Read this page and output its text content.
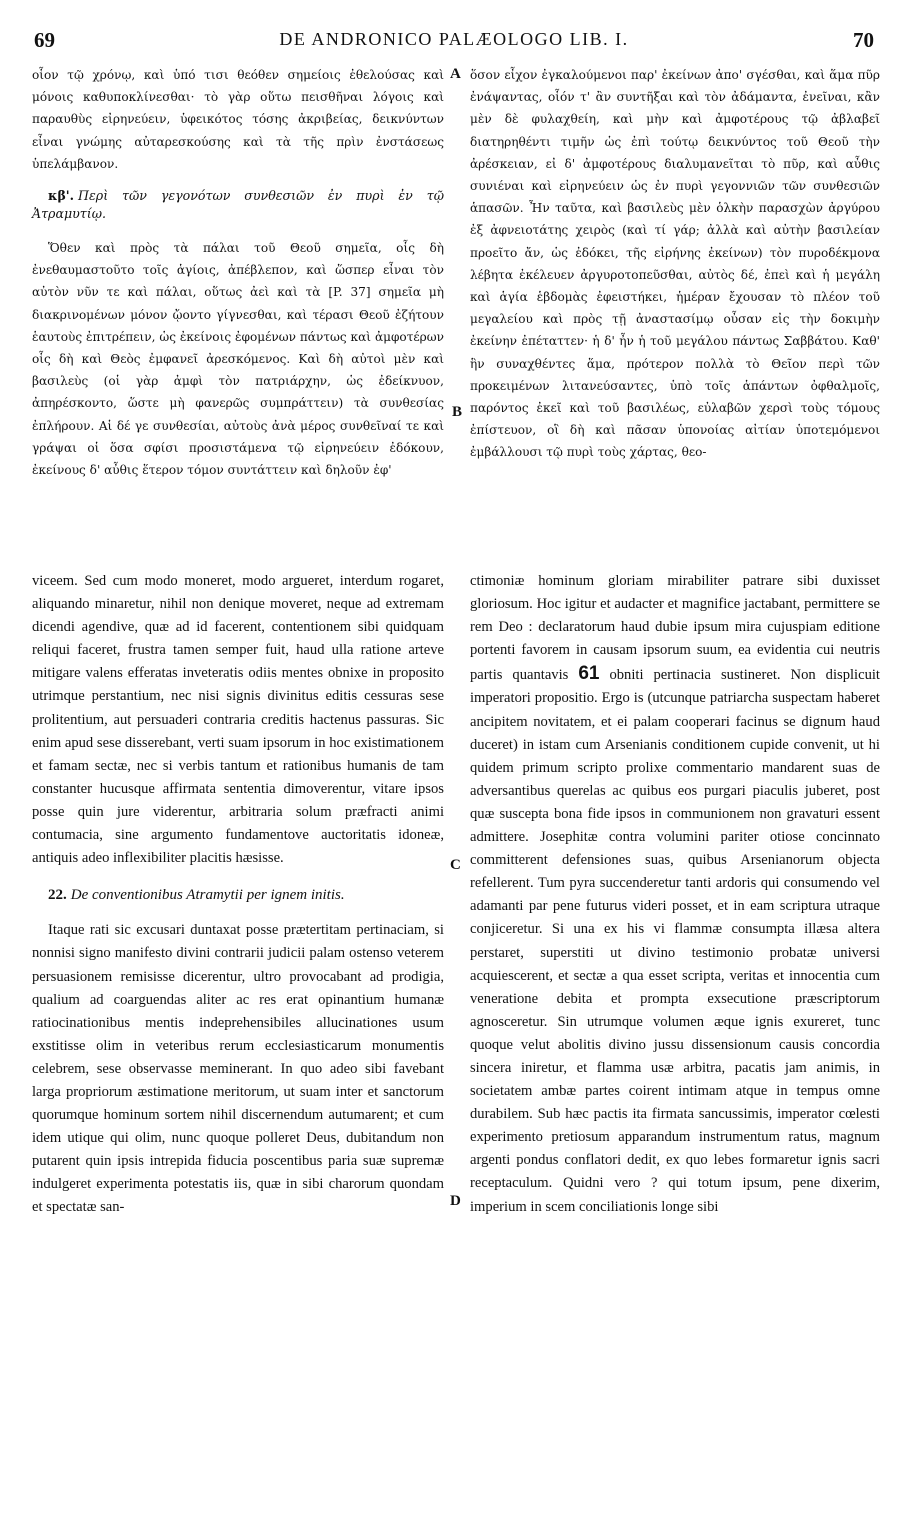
69	DE ANDRONICO PALÆOLOGO LIB. I.	70
A
B
C
D

οἷον τῷ χρόνῳ, καὶ ὑπό τισι θεόθεν σημείοις ἐθελούσας καὶ μόνοις καθυποκλίνεσθαι· τὸ γὰρ οὕτω πεισθῆναι λόγοις καὶ παραυθὺς εἰρηνεύειν, ὑφεικότος τόσης ἀκριβείας, δεικνύντων εἶναι γνώμης αὐταρεσκούσης καὶ τὰ τῆς πρὶν ἐνστάσεως ὑπελάμβανον.

κβ'. Περὶ τῶν γεγονότων συνθεσιῶν ἐν πυρὶ ἐν τῷ Ἀτραμυτίῳ.

Ὅθεν καὶ πρὸς τὰ πάλαι τοῦ Θεοῦ σημεῖα, οἷς δὴ ἐνεθαυμαστοῦτο τοῖς ἁγίοις, ἀπέβλεπον, καὶ ὥσπερ εἶναι τὸν αὐτὸν νῦν τε καὶ πάλαι, οὕτως ἀεὶ καὶ τὰ [P. 37] σημεῖα μὴ διακρινομένων μόνον ᾤοντο γίγνεσθαι, καὶ τέρασι Θεοῦ ἐζήτουν ἑαυτοὺς ἐπιτρέπειν, ὡς ἐκείνοις ἐφομένων πάντως καὶ ἀμφοτέρων οἷς δὴ καὶ Θεὸς ἐμφανεῖ ἀρεσκόμενος. Καὶ δὴ αὐτοὶ μὲν καὶ βασιλεὺς (οἱ γὰρ ἀμφὶ τὸν πατριάρχην, ὡς ἐδείκνυον, ἀπηρέσκοντο, ὥστε μὴ φανερῶς συμπράττειν) τὰ συνθεσίας ἐπλήρουν. Αἱ δέ γε συνθεσίαι, αὐτοὺς ἀνὰ μέρος συνθεῖναί τε καὶ γράψαι οἱ ὅσα σφίσι προσιστάμενα τῷ εἰρηνεύειν ἐδόκουν, ἐκείνους δ' αὖθις ἕτερον τόμον συντάττειν καὶ δηλοῦν ἐφ'

ὅσον εἶχον ἐγκαλούμενοι παρ' ἐκείνων ἀπο' σγέσθαι, καὶ ἅμα πῦρ ἐνάψαντας, οἷόν τ' ἂν συντῆξαι καὶ τὸν ἀδάμαντα, ἐνεῖναι, κἂν μὲν δὲ φυλαχθείη, καὶ μὴν καὶ ἀμφοτέρους τῷ ἀβλαβεῖ διατηρηθέντι τιμῆν ὡς ἐπὶ τούτῳ δεικνύντος τοῦ Θεοῦ τὴν ἀρέσκειαν, εἰ δ' ἀμφοτέρους διαλυμανεῖται τὸ πῦρ, καὶ αὖθις συνιέναι καὶ εἰρηνεύειν ὡς ἐν πυρὶ γεγοννιῶν τῶν συνθεσιῶν ἁπασῶν. Ἦν ταῦτα, καὶ βασιλεὺς μὲν ὁλκὴν παρασχὼν ἀργύρου ἐξ ἀφνειοτάτης χειρὸς (καὶ τί γάρ; ἀλλὰ καὶ αὐτὴν βασιλείαν προεῖτο ἄν, ὡς ἐδόκει, τῆς εἰρήνης ἐκείνων) τὸν πυροδέκμονα λέβητα ἐκέλευεν ἀργυροτοπεῦσθαι, αὐτὸς δέ, ἐπεὶ καὶ ἡ μεγάλη καὶ ἁγία ἑβδομὰς ἐφειστήκει, ἡμέραν ἔχουσαν τὸ πλέον τοῦ μεγαλείου καὶ πρὸς τῇ ἀναστασίμῳ οὖσαν εἰς τὴν δοκιμὴν ἐκείνην ἐπέταττεν· ἡ δ' ἦν ἡ τοῦ μεγάλου πάντως Σαββάτου. Καθ' ἣν συναχθέντες ἅμα, πρότερον πολλὰ τὸ Θεῖον περὶ τῶν προκειμένων λιτανεύσαντες, ὑπὸ τοῖς ἁπάντων ὀφθαλμοῖς, παρόντος ἐκεῖ καὶ τοῦ βασιλέως, εὐλαβῶν χερσὶ τοὺς τόμους ἐπίστευον, οἳ δὴ καὶ πᾶσαν ὑπονοίας αἰτίαν ὑποτεμόμενοι ἐμβάλλουσι τῷ πυρὶ τοὺς χάρτας, θεο-

viceem. Sed cum modo moneret, modo argueret, interdum rogaret, aliquando minaretur, nihil non denique moveret, neque ad extremam dicendi agendive, quæ ad id facerent, contentionem sibi quidquam reliqui faceret, frustra tamen semper fuit, haud ulla ratione arteve mitigare valens efferatas inveteratis odiis mentes obnixe in proposito utrimque perstantium, nec nisi signis divinitus editis cessuras sese prolitentium, aut persuaderi contraria creditis hactenus passuras. Sic enim apud sese disserebant, verti suam ipsorum in hoc existimationem et famam sectæ, nec si verbis tantum et rationibus humanis de tam constanter hucusque affirmata sententia dimoverentur, vitare ipsos posse quin jure viderentur, arbitraria solum præfracti animi contumacia, sine argumento fundamentove auctoritatis idoneæ, antiquis adeo inflexibiliter placitis hæsisse.

22. De conventionibus Atramytii per ignem initis.

Itaque rati sic excusari duntaxat posse prætertitam pertinaciam, si nonnisi signo manifesto divini contrarii judicii palam ostenso veterem persuasionem remisisse dicerentur, ultro provocabant ad prodigia, qualium ad coarguendas aliter ac res erat opinantium humanæ ratiocinationibus mentis indeprehensibiles allucinationes usum exstitisse olim in veteribus rerum ecclesiasticarum monumentis celebrem, sese observasse meminerant. In quo adeo sibi favebant larga propriorum æstimatione meritorum, ut suam inter et sanctorum quorumque hominum sortem nihil discernendum autumarent; et cum idem utique qui olim, nunc quoque polleret Deus, dubitandum non putarent quin ipsis intrepida fiducia poscentibus paria suæ supremæ indulgeret experimenta potestatis iis, quæ in sibi charorum quondam et spectatæ san-

ctimoniæ hominum gloriam mirabiliter patrare sibi duxisset gloriosum. Hoc igitur et audacter et magnifice jactabant, permittere se rem Deo : declaratorum haud dubie ipsum mira cujuspiam editione portenti favorem in causam ipsorum suum, ea evidentia cui neutris partis quantavis 61 obniti pertinacia sustineret. Non displicuit imperatori propositio. Ergo is (utcunque patriarcha suspectam haberet ancipitem novitatem, et ei palam cooperari facinus se dignum haud duceret) in istam cum Arsenianis conditionem cupide convenit, ut hi quidem primum scripto prolixe commentario mandarent suas de adversantibus querelas ac quibus eos purgari piaculis juberet, post quæ suscepta bona fide ipsos in communionem non gravaturi essent admittere. Josephitæ contra volumini pariter otiose concinnato committerent defensiones suas, quibus Arsenianorum objecta refellerent. Tum pyra succenderetur tanti ardoris qui consumendo vel adamanti par pene futurus videri posset, et in eam scriptura utraque conjiceretur. Si una ex his vi flammæ consumpta illæsa altera perstaret, superstiti ut divino testimonio probatæ universi acquiescerent, et sectæ a qua esset scripta, veritas et innocentia cum veneratione debita et prompta exsecutione præscriptorum agnosceretur. Sin utrumque volumen æque ignis exureret, tunc quoque velut abolitis divino jussu dissensionum causis concordia sincera iniretur, et flamma usæ arbitra, pacatis jam animis, in societatem ambæ partes coirent intimam atque in tempus omne durabilem. Sub hæc pactis ita firmata sancussimis, imperator cœlesti experimento pretiosum apparandum instrumentum ratus, magnum argenti pondus conflatori dedit, ex quo lebes formaretur ignis sacri receptaculum. Quidni vero ? qui totum ipsum, pene dixerim, imperium in scem conciliationis longe sibi
